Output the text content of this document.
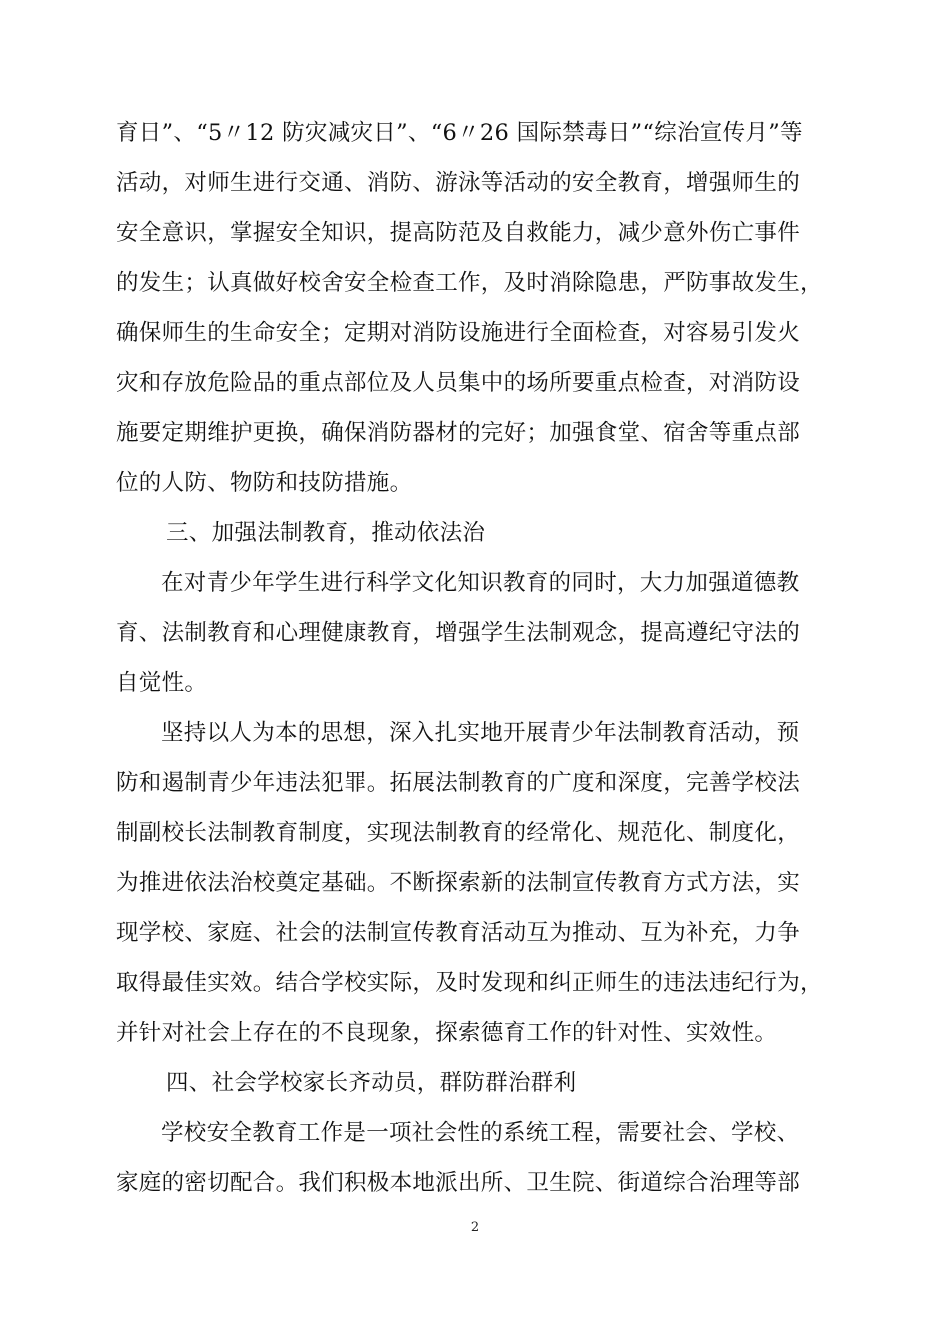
育日”、“5〃12 防灾减灾日”、“6〃26 国际禁毒日”“综治宣传月”等
活动，对师生进行交通、消防、游泳等活动的安全教育，增强师生的
安全意识，掌握安全知识，提高防范及自救能力，减少意外伤亡事件
的发生；认真做好校舍安全检查工作，及时消除隐患，严防事故发生，
确保师生的生命安全；定期对消防设施进行全面检查，对容易引发火
灾和存放危险品的重点部位及人员集中的场所要重点检查，对消防设
施要定期维护更换，确保消防器材的完好；加强食堂、宿舍等重点部
位的人防、物防和技防措施。
三、加强法制教育，推动依法治
在对青少年学生进行科学文化知识教育的同时，大力加强道德教
育、法制教育和心理健康教育，增强学生法制观念，提高遵纪守法的
自觉性。
坚持以人为本的思想，深入扎实地开展青少年法制教育活动，预
防和遏制青少年违法犯罪。拓展法制教育的广度和深度，完善学校法
制副校长法制教育制度，实现法制教育的经常化、规范化、制度化，
为推进依法治校奠定基础。不断探索新的法制宣传教育方式方法，实
现学校、家庭、社会的法制宣传教育活动互为推动、互为补充，力争
取得最佳实效。结合学校实际，及时发现和纠正师生的违法违纪行为，
并针对社会上存在的不良现象，探索德育工作的针对性、实效性。
四、社会学校家长齐动员，群防群治群利
学校安全教育工作是一项社会性的系统工程，需要社会、学校、
家庭的密切配合。我们积极本地派出所、卫生院、街道综合治理等部
2
